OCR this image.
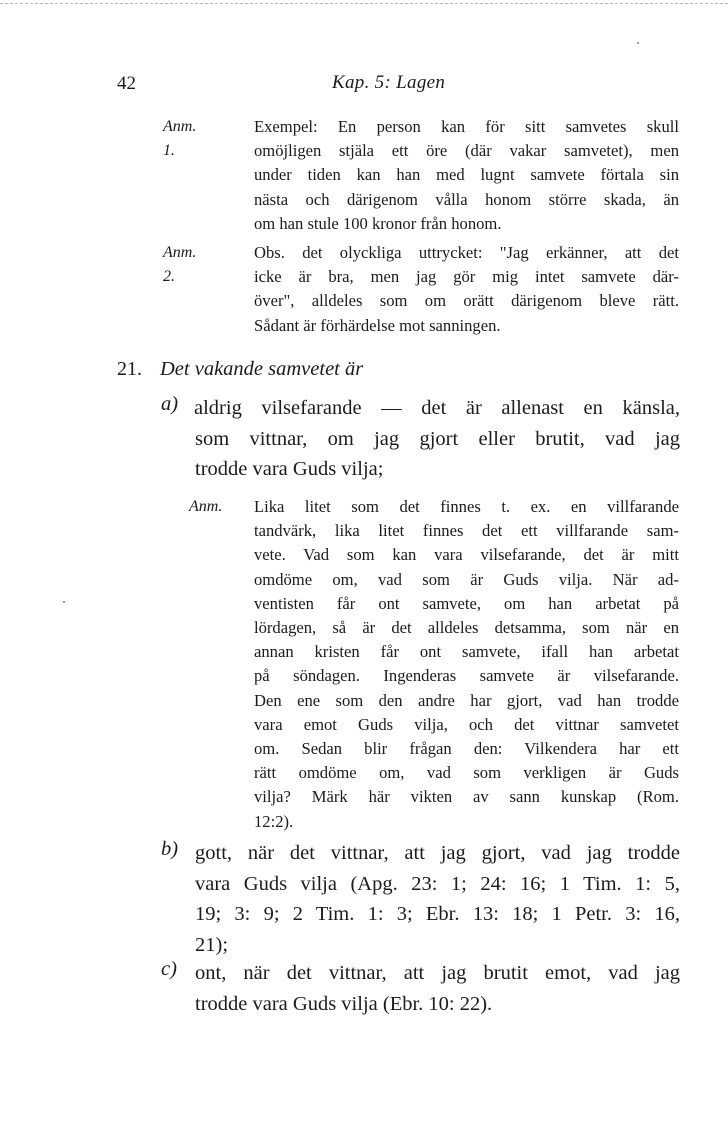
42	Kap. 5: Lagen
Anm. 1.
Exempel: En person kan för sitt samvetes skull
omöjligen stjäla ett öre (där vakar samvetet), men
under tiden kan han med lugnt samvete förtala sin
nästa och därigenom vålla honom större skada, än
om han stule 100 kronor från honom.
Anm. 2.
Obs. det olyckliga uttrycket: "Jag erkänner, att det
icke är bra, men jag gör mig intet samvete där-
över", alldeles som om orätt därigenom bleve rätt.
Sådant är förhärdelse mot sanningen.
21. Det vakande samvetet är
a) aldrig vilsefarande — det är allenast en känsla,
som vittnar, om jag gjort eller brutit, vad jag
trodde vara Guds vilja;
Anm. Lika litet som det finnes t. ex. en villfarande
tandvärk, lika litet finnes det ett villfarande sam-
vete. Vad som kan vara vilsefarande, det är mitt
omdöme om, vad som är Guds vilja. När ad-
ventisten får ont samvete, om han arbetat på
lördagen, så är det alldeles detsamma, som när en
annan kristen får ont samvete, ifall han arbetat
på söndagen. Ingenderas samvete är vilsefarande.
Den ene som den andre har gjort, vad han trodde
vara emot Guds vilja, och det vittnar samvetet
om. Sedan blir frågan den: Vilkendera har ett
rätt omdöme om, vad som verkligen är Guds
vilja? Märk här vikten av sann kunskap (Rom.
12:2).
b) gott, när det vittnar, att jag gjort, vad jag trodde
vara Guds vilja (Apg. 23: 1; 24: 16; 1 Tim. 1: 5,
19; 3: 9; 2 Tim. 1: 3; Ebr. 13: 18; 1 Petr. 3: 16,
21);
c) ont, när det vittnar, att jag brutit emot, vad jag
trodde vara Guds vilja (Ebr. 10: 22).
